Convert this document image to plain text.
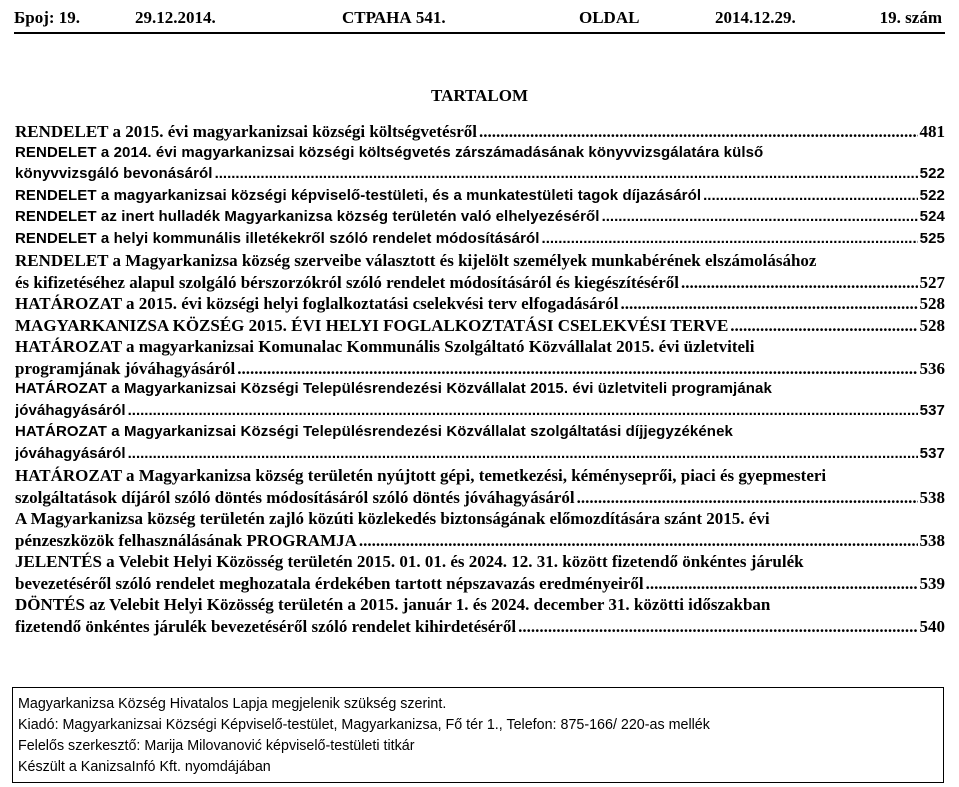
Број: 19.	29.12.2014.	СТРАНА 541.	OLDAL	2014.12.29.	19. szám
TARTALOM
RENDELET a 2015. évi magyarkanizsai községi költségvetésről .....	481
RENDELET a 2014. évi magyarkanizsai községi költségvetés zárszámadásának könyvvizsgálatára külső
könyvvizsgáló bevonásáról .....	522
RENDELET a magyarkanizsai községi képviselő-testületi, és a munkatestületi tagok díjazásáról .....	522
RENDELET az inert hulladék Magyarkanizsa község területén való elhelyezéséről .....	524
RENDELET a helyi kommunális illetékekről szóló rendelet módosításáról .....	525
RENDELET a Magyarkanizsa község szerveibe választott és kijelölt személyek munkabérének elszámolásához
és kifizetéséhez alapul szolgáló bérszorzókról szóló rendelet módosításáról és kiegészítéséről .....	527
HATÁROZAT a 2015. évi községi helyi foglalkoztatási cselekvési terv elfogadásáról .....	528
MAGYARKANIZSA KÖZSÉG 2015. ÉVI HELYI FOGLALKOZTATÁSI CSELEKVÉSI TERVE .....	528
HATÁROZAT a magyarkanizsai Komunalac Kommunális Szolgáltató Közvállalat 2015. évi üzletviteli
programjának jóváhagyásáról .....	536
HATÁROZAT a Magyarkanizsai Községi Településrendezési Közvállalat 2015. évi üzletviteli programjának
jóváhagyásáról .....	537
HATÁROZAT a Magyarkanizsai Községi Településrendezési Közvállalat szolgáltatási díjjegyzékének
jóváhagyásáról .....	537
HATÁROZAT a Magyarkanizsa község területén nyújtott gépi, temetkezési, kéményseprői, piaci és gyepmesteri
szolgáltatások díjáról szóló döntés módosításáról szóló döntés jóváhagyásáról .....	538
A Magyarkanizsa község területén zajló közúti közlekedés biztonságának előmozdítására szánt 2015. évi
pénzeszközök felhasználásának PROGRAMJA .....	538
JELENTÉS a Velebit Helyi Közösség területén 2015. 01. 01. és 2024. 12. 31. között fizetendő önkéntes járulék
bevezetéséről szóló rendelet meghozatala érdekében tartott népszavazás eredményeiről .....	539
DÖNTÉS az Velebit Helyi Közösség területén a 2015. január 1. és 2024. december 31. közötti időszakban
fizetendő önkéntes járulék bevezetéséről szóló rendelet kihirdetéséről .....	540
Magyarkanizsa Község Hivatalos Lapja megjelenik szükség szerint.
Kiadó: Magyarkanizsai Községi Képviselő-testület, Magyarkanizsa, Fő tér 1., Telefon: 875-166/ 220-as mellék
Felelős szerkesztő: Marija Milovanović képviselő-testületi titkár
Készült a KanizsaInfó Kft. nyomdájában
